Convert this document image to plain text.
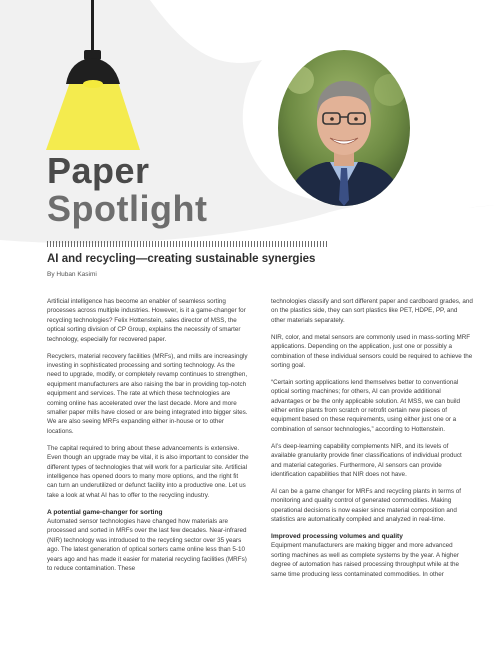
Paper
Spotlight
AI and recycling—creating sustainable synergies
By Huban Kasimi

Artificial intelligence has become an enabler of seamless sorting processes across multiple industries. However, is it a game-changer for recycling technologies? Felix Hottenstein, sales director of MSS, the optical sorting division of CP Group, explains the necessity of smarter technology, especially for recovered paper.

Recyclers, material recovery facilities (MRFs), and mills are increasingly investing in sophisticated processing and sorting technology. As the need to upgrade, modify, or completely revamp continues to strengthen, equipment manufacturers are also raising the bar in providing top-notch equipment and services. The rate at which these technologies are coming online has accelerated over the last decade. More and more smaller paper mills have closed or are being integrated into bigger sites. We are also seeing MRFs expanding either in-house or to other locations.

The capital required to bring about these advancements is extensive. Even though an upgrade may be vital, it is also important to consider the different types of technologies that will work for a particular site. Artificial intelligence has opened doors to many more options, and the right fit can turn an underutilized or defunct facility into a productive one. Let us take a look at what AI has to offer to the recycling industry.

A potential game-changer for sorting

Automated sensor technologies have changed how materials are processed and sorted in MRFs over the last few decades. Near-infrared (NIR) technology was introduced to the recycling sector over 35 years ago. The latest generation of optical sorters came online less than 5-10 years ago and has made it easier for material recycling facilities (MRFs) to reduce contamination. These

technologies classify and sort different paper and cardboard grades, and on the plastics side, they can sort plastics like PET, HDPE, PP, and other materials separately.

NIR, color, and metal sensors are commonly used in mass-sorting MRF applications. Depending on the application, just one or possibly a combination of these individual sensors could be required to achieve the sorting goal.

“Certain sorting applications lend themselves better to conventional optical sorting machines; for others, AI can provide additional advantages or be the only applicable solution. At MSS, we can build either entire plants from scratch or retrofit certain new pieces of equipment based on these requirements, using either just one or a combination of sensor technologies,” according to Hottenstein.

AI’s deep-learning capability complements NIR, and its levels of available granularity provide finer classifications of individual product and material categories. Furthermore, AI sensors can provide identification capabilities that NIR does not have.

AI can be a game changer for MRFs and recycling plants in terms of monitoring and quality control of generated commodities. Making operational decisions is now easier since material composition and statistics are automatically compiled and analyzed in real-time.

Improved processing volumes and quality

Equipment manufacturers are making bigger and more advanced sorting machines as well as complete systems by the year. A higher degree of automation has raised processing throughput while at the same time producing less contaminated commodities. In other
